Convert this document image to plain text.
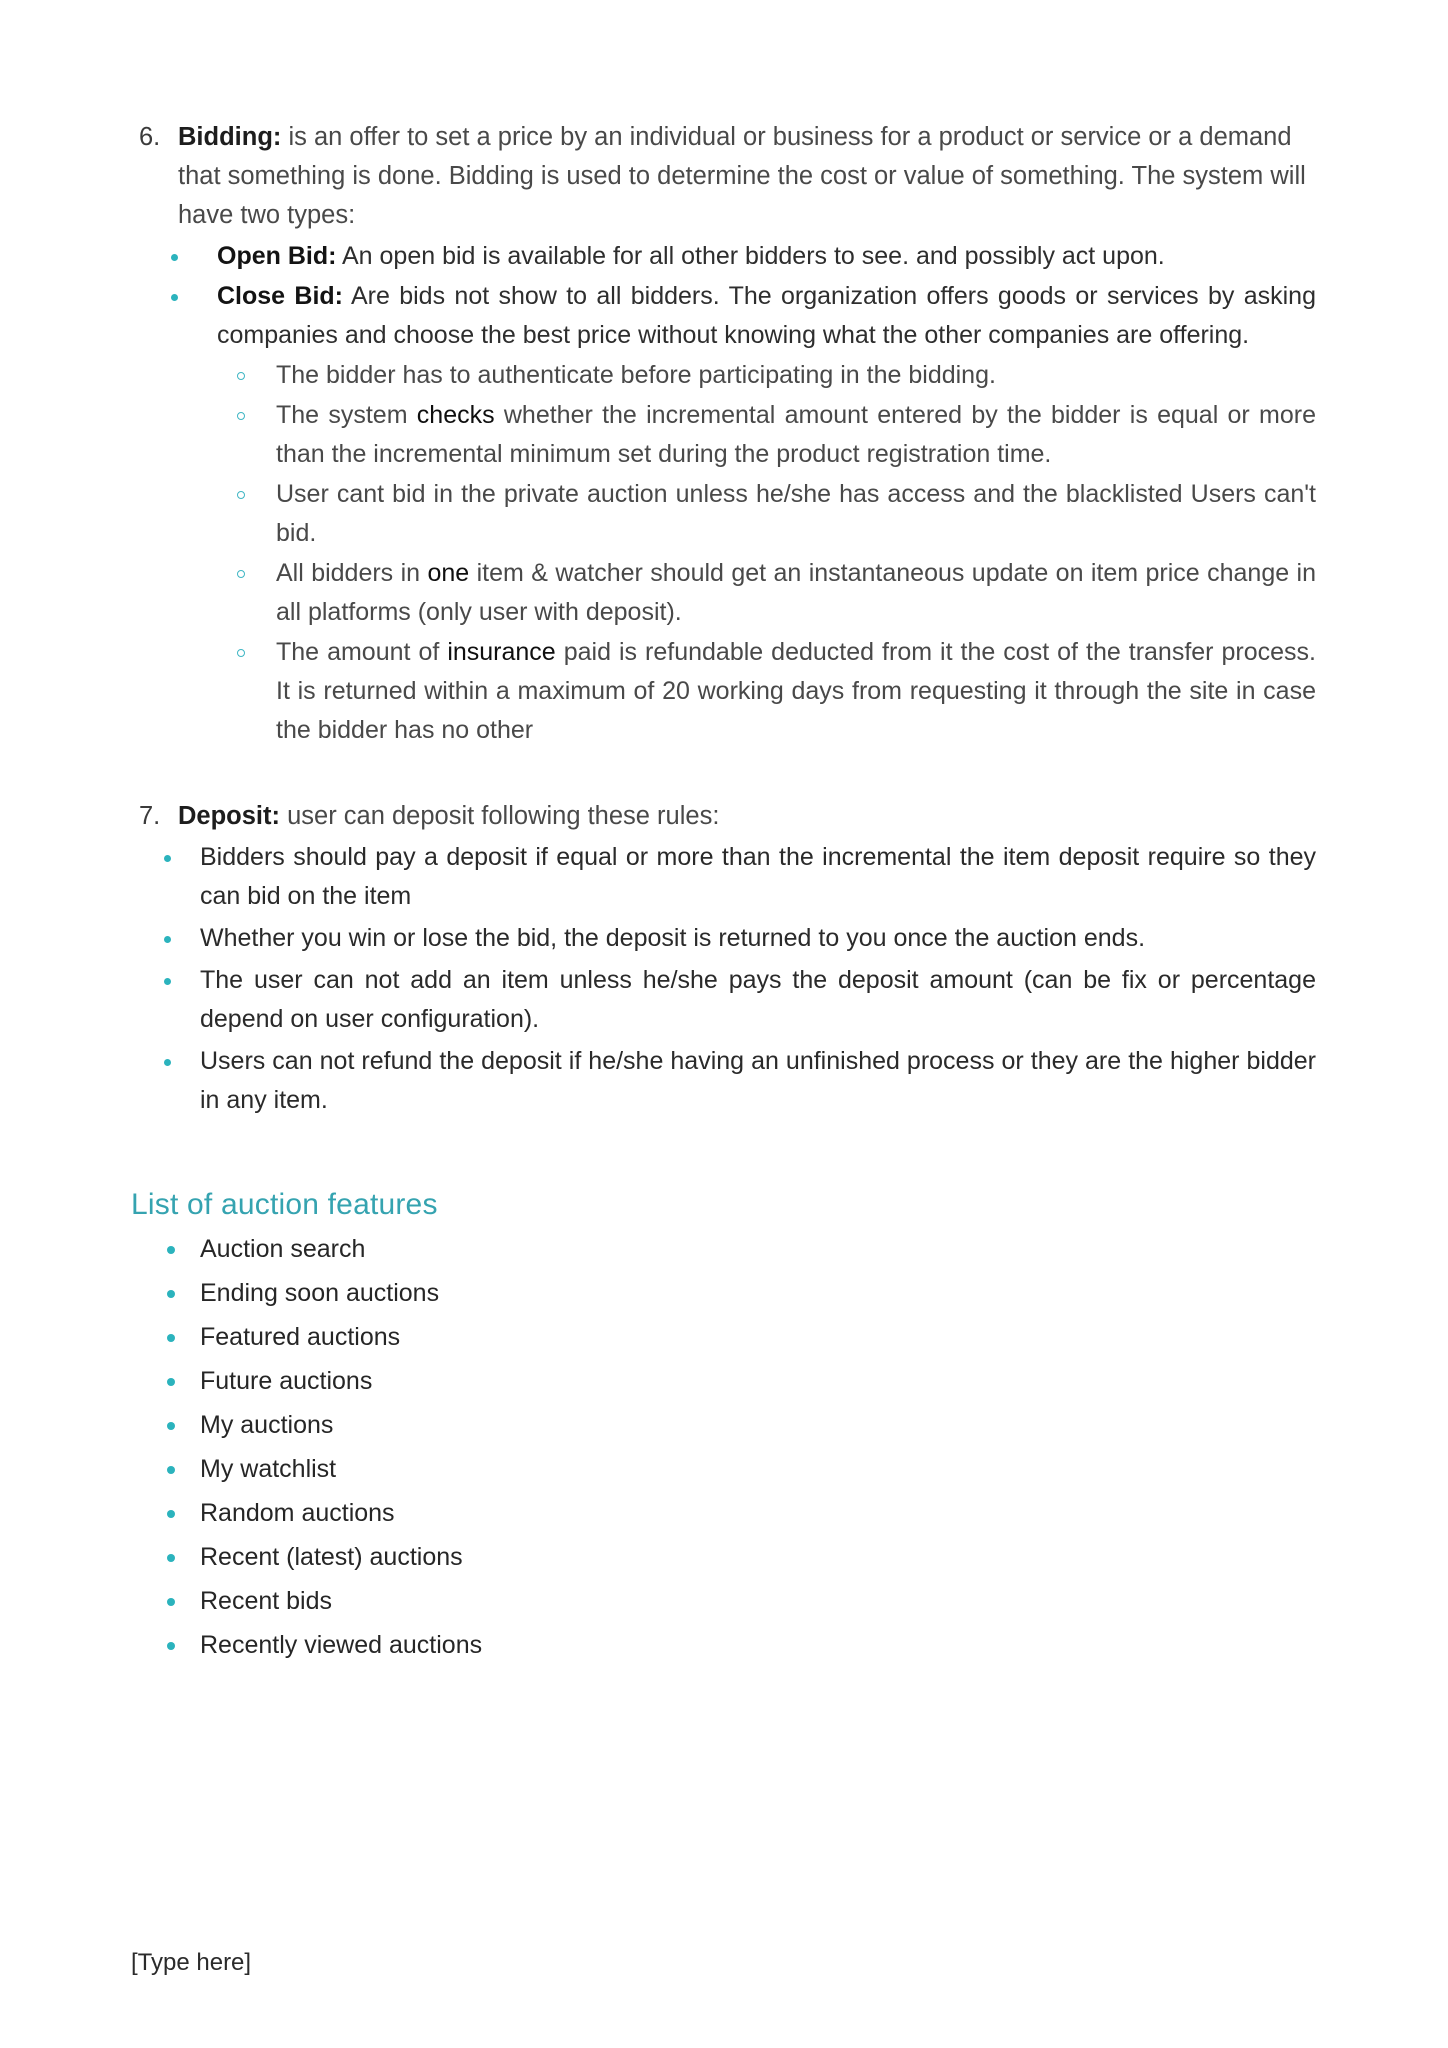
6. Bidding: is an offer to set a price by an individual or business for a product or service or a demand that something is done. Bidding is used to determine the cost or value of something. The system will have two types:
Open Bid: An open bid is available for all other bidders to see. and possibly act upon.
Close Bid: Are bids not show to all bidders. The organization offers goods or services by asking companies and choose the best price without knowing what the other companies are offering.
The bidder has to authenticate before participating in the bidding.
The system checks whether the incremental amount entered by the bidder is equal or more than the incremental minimum set during the product registration time.
User cant bid in the private auction unless he/she has access and the blacklisted Users can't bid.
All bidders in one item & watcher should get an instantaneous update on item price change in all platforms (only user with deposit).
The amount of insurance paid is refundable deducted from it the cost of the transfer process. It is returned within a maximum of 20 working days from requesting it through the site in case the bidder has no other
7. Deposit: user can deposit following these rules:
Bidders should pay a deposit if equal or more than the incremental the item deposit require so they can bid on the item
Whether you win or lose the bid, the deposit is returned to you once the auction ends.
The user can not add an item unless he/she pays the deposit amount (can be fix or percentage depend on user configuration).
Users can not refund the deposit if he/she having an unfinished process or they are the higher bidder in any item.
List of auction features
Auction search
Ending soon auctions
Featured auctions
Future auctions
My auctions
My watchlist
Random auctions
Recent (latest) auctions
Recent bids
Recently viewed auctions
[Type here]
